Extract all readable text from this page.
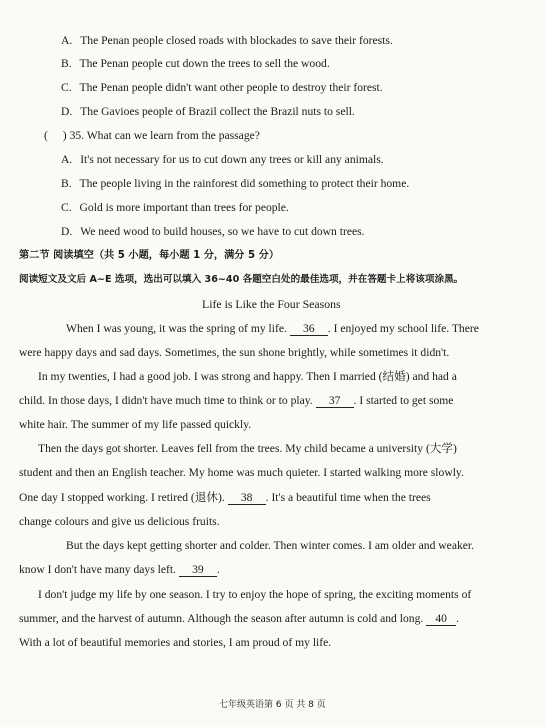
A. The Penan people closed roads with blockades to save their forests.
B. The Penan people cut down the trees to sell the wood.
C. The Penan people didn't want other people to destroy their forest.
D. The Gavioes people of Brazil collect the Brazil nuts to sell.
( ) 35. What can we learn from the passage?
A. It's not necessary for us to cut down any trees or kill any animals.
B. The people living in the rainforest did something to protect their home.
C. Gold is more important than trees for people.
D. We need wood to build houses, so we have to cut down trees.
第二节 阅读填空（共 5 小题，每小题 1 分，满分 5 分）
阅读短文及文后 A~E 选项，选出可以填入 36~40 各题空白处的最佳选项，并在答题卡上将该项涂黑。
Life is Like the Four Seasons
When I was young, it was the spring of my life. 36 . I enjoyed my school life. There
were happy days and sad days. Sometimes, the sun shone brightly, while sometimes it didn't.
In my twenties, I had a good job. I was strong and happy. Then I married (结婚) and had a
child. In those days, I didn't have much time to think or to play. 37 . I started to get some
white hair. The summer of my life passed quickly.
Then the days got shorter. Leaves fell from the trees. My child became a university (大学)
student and then an English teacher. My home was much quieter. I started walking more slowly.
One day I stopped working. I retired (退休). 38 . It's a beautiful time when the trees
change colours and give us delicious fruits.
But the days kept getting shorter and colder. Then winter comes. I am older and weaker.
know I don't have many days left. 39 .
I don't judge my life by one season. I try to enjoy the hope of spring, the exciting moments of
summer, and the harvest of autumn. Although the season after autumn is cold and long. 40 .
With a lot of beautiful memories and stories, I am proud of my life.
七年级英语第 6 页 共 8 页
